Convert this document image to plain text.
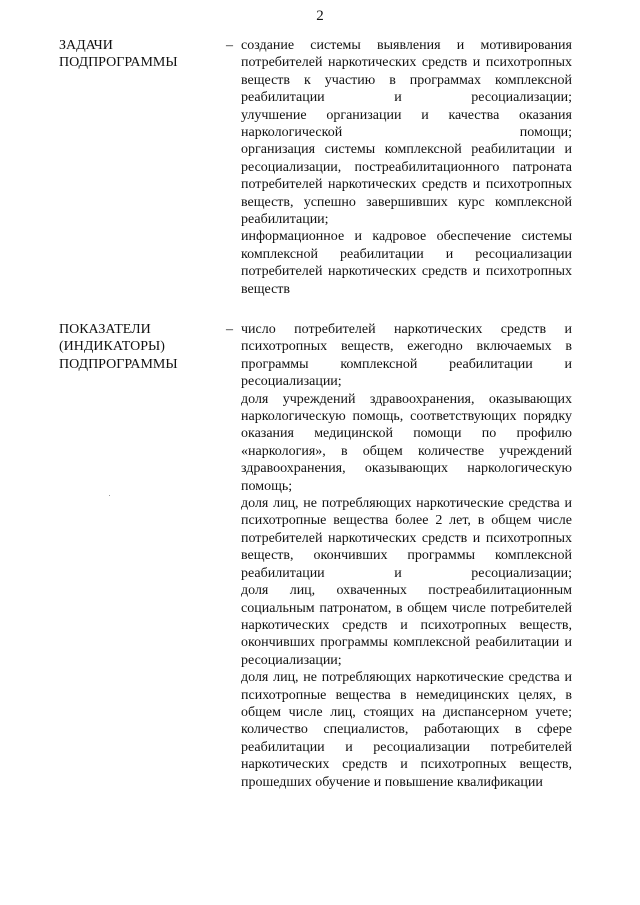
2
ЗАДАЧИ
ПОДПРОГРАММЫ
– создание системы выявления и мотивирования потребителей наркотических средств и психотропных веществ к участию в программах комплексной реабилитации и ресоциализации;

улучшение организации и качества оказания наркологической помощи;

организация системы комплексной реабилитации и ресоциализации, постреабилитационного патроната потребителей наркотических средств и психотропных веществ, успешно завершивших курс комплексной реабилитации;

информационное и кадровое обеспечение системы комплексной реабилитации и ресоциализации потребителей наркотических средств и психотропных веществ

ПОКАЗАТЕЛИ
(ИНДИКАТОРЫ)
ПОДПРОГРАММЫ
– число потребителей наркотических средств и психотропных веществ, ежегодно включаемых в программы комплексной реабилитации и ресоциализации;

доля учреждений здравоохранения, оказывающих наркологическую помощь, соответствующих порядку оказания медицинской помощи по профилю «наркология», в общем количестве учреждений здравоохранения, оказывающих наркологическую помощь;

доля лиц, не потребляющих наркотические средства и психотропные вещества более 2 лет, в общем числе потребителей наркотических средств и психотропных веществ, окончивших программы комплексной реабилитации и ресоциализации;

доля лиц, охваченных постреабилитационным социальным патронатом, в общем числе потребителей наркотических средств и психотропных веществ, окончивших программы комплексной реабилитации и ресоциализации;

доля лиц, не потребляющих наркотические средства и психотропные вещества в немедицинских целях, в общем числе лиц, стоящих на диспансерном учете;

количество специалистов, работающих в сфере реабилитации и ресоциализации потребителей наркотических средств и психотропных веществ, прошедших обучение и повышение квалификации
